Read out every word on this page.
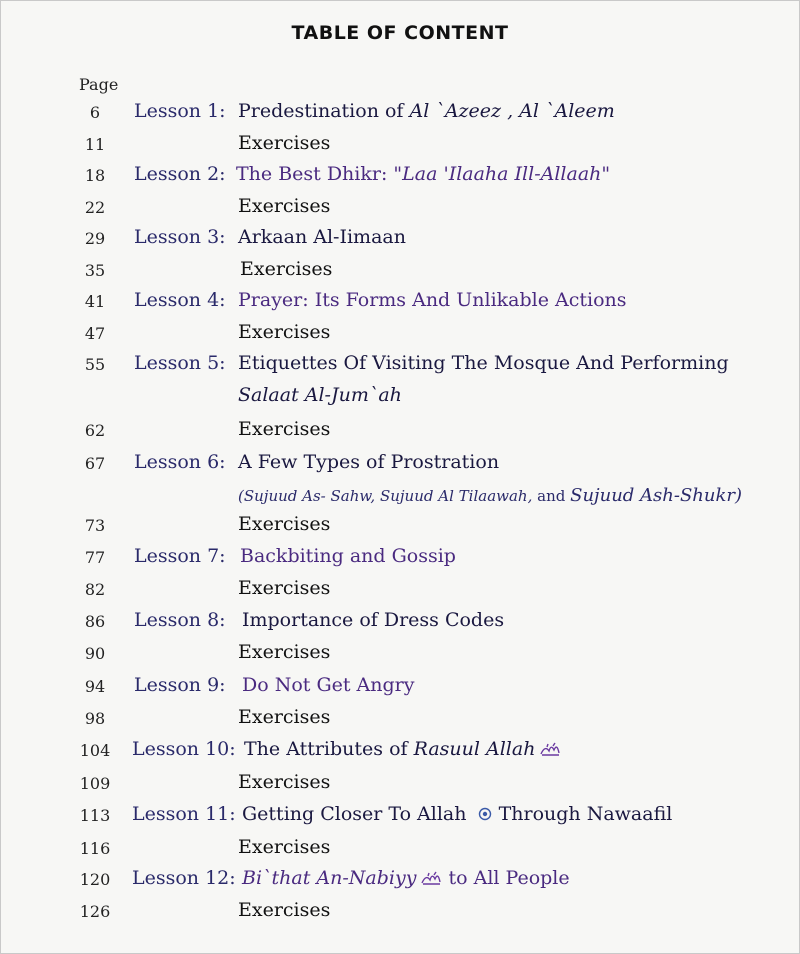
TABLE OF CONTENT
Page
6	Lesson 1: Predestination of Al `Azeez , Al `Aleem
11	Exercises
18	Lesson 2: The Best Dhikr: "Laa 'Ilaaha Ill-Allaah"
22	Exercises
29	Lesson 3: Arkaan Al-Iimaan
35	Exercises
41	Lesson 4: Prayer: Its Forms And Unlikable Actions
47	Exercises
55	Lesson 5: Etiquettes Of Visiting The Mosque And Performing
Salaat Al-Jum`ah
62	Exercises
67	Lesson 6: A Few Types of Prostration
(Sujuud As- Sahw, Sujuud Al Tilaawah, and Sujuud Ash-Shukr)
73	Exercises
77	Lesson 7: Backbiting and Gossip
82	Exercises
86	Lesson 8: Importance of Dress Codes
90	Exercises
94	Lesson 9: Do Not Get Angry
98	Exercises
104	Lesson 10: The Attributes of Rasuul Allah
109	Exercises
113	Lesson 11: Getting Closer To Allah  Through Nawaafil
116	Exercises
120	Lesson 12: Bi`that An-Nabiyy to All People
126	Exercises
